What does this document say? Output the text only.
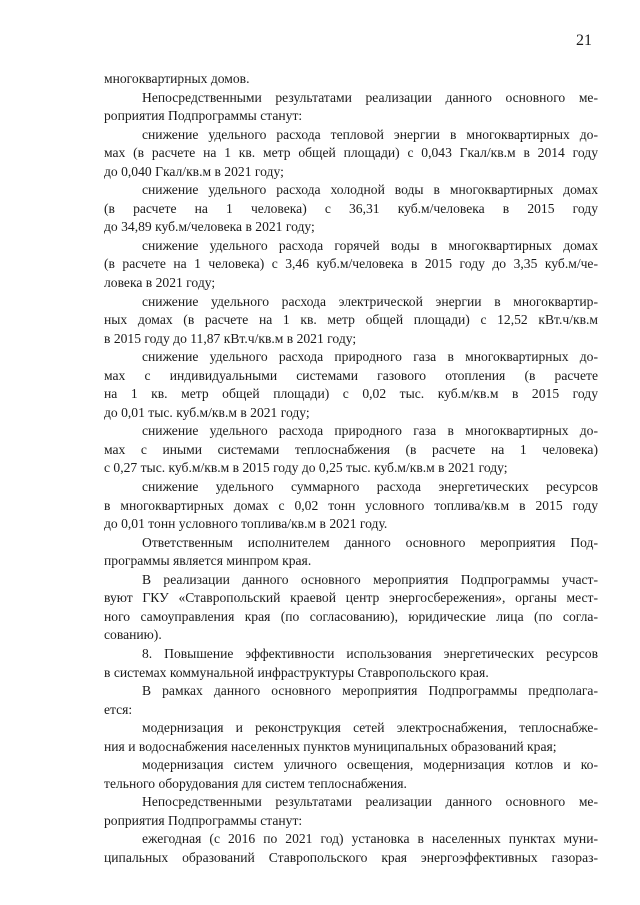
21
многоквартирных домов.
Непосредственными результатами реализации данного основного ме-
роприятия Подпрограммы станут:
снижение удельного расхода тепловой энергии в многоквартирных до-
мах (в расчете на 1 кв. метр общей площади) с 0,043 Гкал/кв.м в 2014 году
до 0,040 Гкал/кв.м в 2021 году;
снижение удельного расхода холодной воды в многоквартирных домах
(в расчете на 1 человека) с 36,31 куб.м/человека в 2015 году
до 34,89 куб.м/человека в 2021 году;
снижение удельного расхода горячей воды в многоквартирных домах
(в расчете на 1 человека) с 3,46 куб.м/человека в 2015 году до 3,35 куб.м/че-
ловека в 2021 году;
снижение удельного расхода электрической энергии в многоквартир-
ных домах (в расчете на 1 кв. метр общей площади) с 12,52 кВт.ч/кв.м
в 2015 году до 11,87 кВт.ч/кв.м в 2021 году;
снижение удельного расхода природного газа в многоквартирных до-
мах с индивидуальными системами газового отопления (в расчете
на 1 кв. метр общей площади) с 0,02 тыс. куб.м/кв.м в 2015 году
до 0,01 тыс. куб.м/кв.м в 2021 году;
снижение удельного расхода природного газа в многоквартирных до-
мах с иными системами теплоснабжения (в расчете на 1 человека)
с 0,27 тыс. куб.м/кв.м в 2015 году до 0,25 тыс. куб.м/кв.м в 2021 году;
снижение удельного суммарного расхода энергетических ресурсов
в многоквартирных домах с 0,02 тонн условного топлива/кв.м в 2015 году
до 0,01 тонн условного топлива/кв.м в 2021 году.
Ответственным исполнителем данного основного мероприятия Под-
программы является минпром края.
В реализации данного основного мероприятия Подпрограммы участ-
вуют ГКУ «Ставропольский краевой центр энергосбережения», органы мест-
ного самоуправления края (по согласованию), юридические лица (по согла-
сованию).
8. Повышение эффективности использования энергетических ресурсов
в системах коммунальной инфраструктуры Ставропольского края.
В рамках данного основного мероприятия Подпрограммы предполага-
ется:
модернизация и реконструкция сетей электроснабжения, теплоснабже-
ния и водоснабжения населенных пунктов муниципальных образований края;
модернизация систем уличного освещения, модернизация котлов и ко-
тельного оборудования для систем теплоснабжения.
Непосредственными результатами реализации данного основного ме-
роприятия Подпрограммы станут:
ежегодная (с 2016 по 2021 год) установка в населенных пунктах муни-
ципальных образований Ставропольского края энергоэффективных газораз-
